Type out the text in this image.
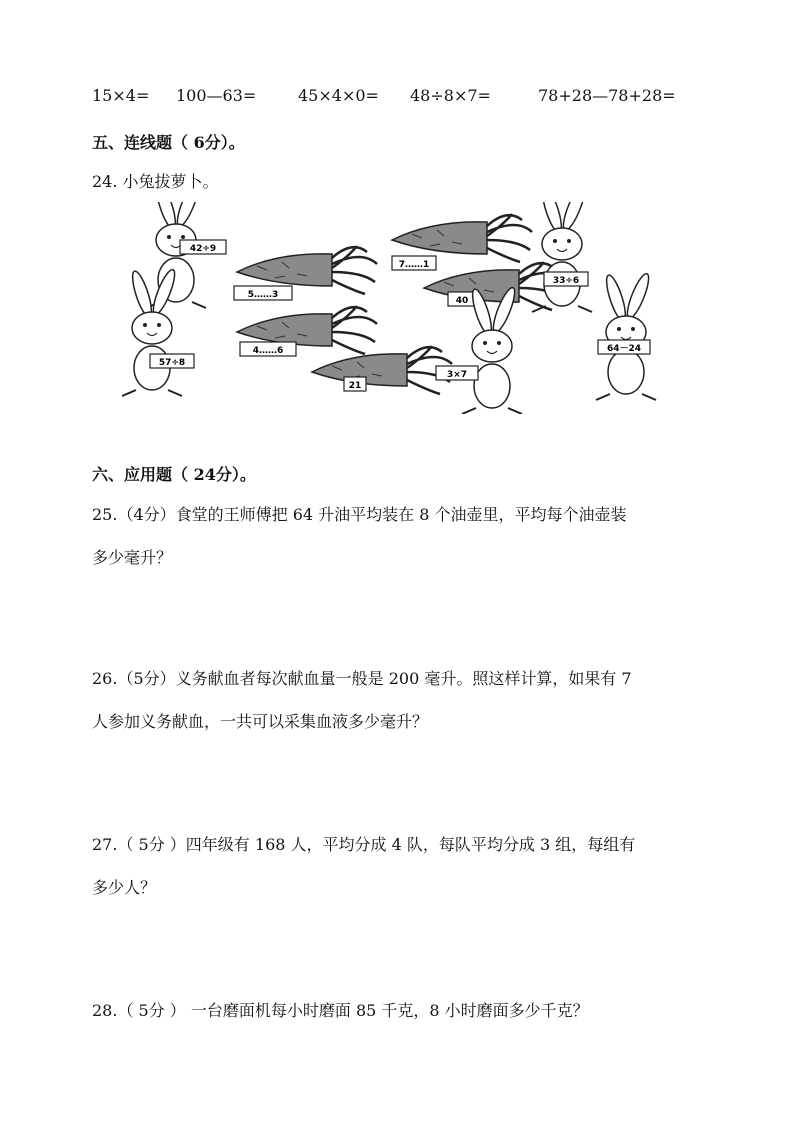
15×4= 100—63=	45×4×0= 48÷8×7=	78+28—78+28=
五、连线题（ 6分）。
24. 小兔拔萝卜。
5……3
4……6
21
7……1
40
42÷9
57÷8
33÷6
3×7
64－24
六、应用题（ 24分）。
25.（4分）食堂的王师傅把 64 升油平均装在 8 个油壶里，平均每个油壶装
多少毫升？
26.（5分）义务献血者每次献血量一般是 200 毫升。照这样计算，如果有 7
人参加义务献血，一共可以采集血液多少毫升？
27.（ 5分 ）四年级有 168 人，平均分成 4 队，每队平均分成 3 组，每组有
多少人？
28.（ 5分 ） 一台磨面机每小时磨面 85 千克，8 小时磨面多少千克？
